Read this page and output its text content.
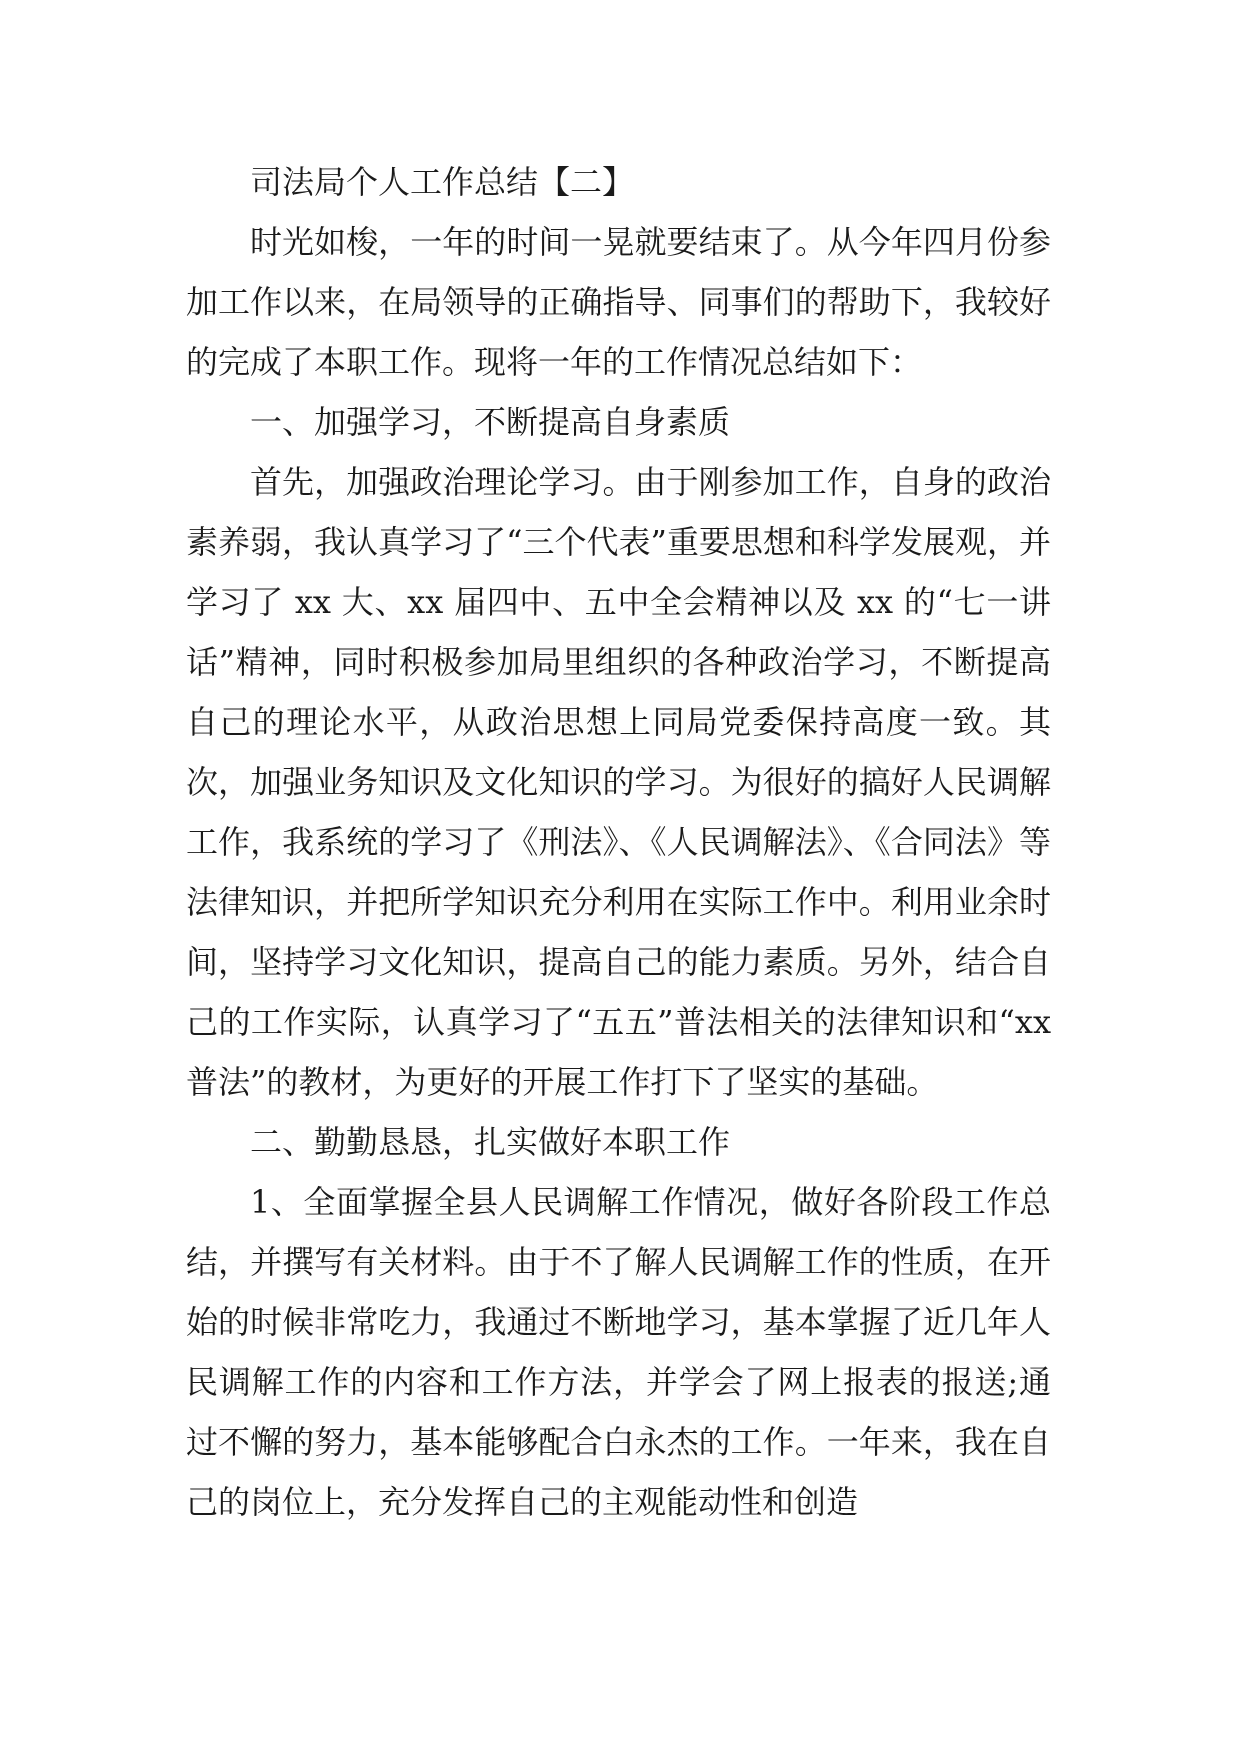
司法局个人工作总结【二】

时光如梭，一年的时间一晃就要结束了。从今年四月份参加工作以来，在局领导的正确指导、同事们的帮助下，我较好的完成了本职工作。现将一年的工作情况总结如下：

一、加强学习，不断提高自身素质

首先，加强政治理论学习。由于刚参加工作，自身的政治素养弱，我认真学习了“三个代表”重要思想和科学发展观，并学习了 xx 大、xx 届四中、五中全会精神以及 xx 的“七一讲话”精神，同时积极参加局里组织的各种政治学习，不断提高自己的理论水平，从政治思想上同局党委保持高度一致。其次，加强业务知识及文化知识的学习。为很好的搞好人民调解工作，我系统的学习了《刑法》、《人民调解法》、《合同法》等法律知识，并把所学知识充分利用在实际工作中。利用业余时间，坚持学习文化知识，提高自己的能力素质。另外，结合自己的工作实际，认真学习了“五五”普法相关的法律知识和“xx 普法”的教材，为更好的开展工作打下了坚实的基础。

二、勤勤恳恳，扎实做好本职工作

1、全面掌握全县人民调解工作情况，做好各阶段工作总结，并撰写有关材料。由于不了解人民调解工作的性质，在开始的时候非常吃力，我通过不断地学习，基本掌握了近几年人民调解工作的内容和工作方法，并学会了网上报表的报送;通过不懈的努力，基本能够配合白永杰的工作。一年来，我在自己的岗位上，充分发挥自己的主观能动性和创造
